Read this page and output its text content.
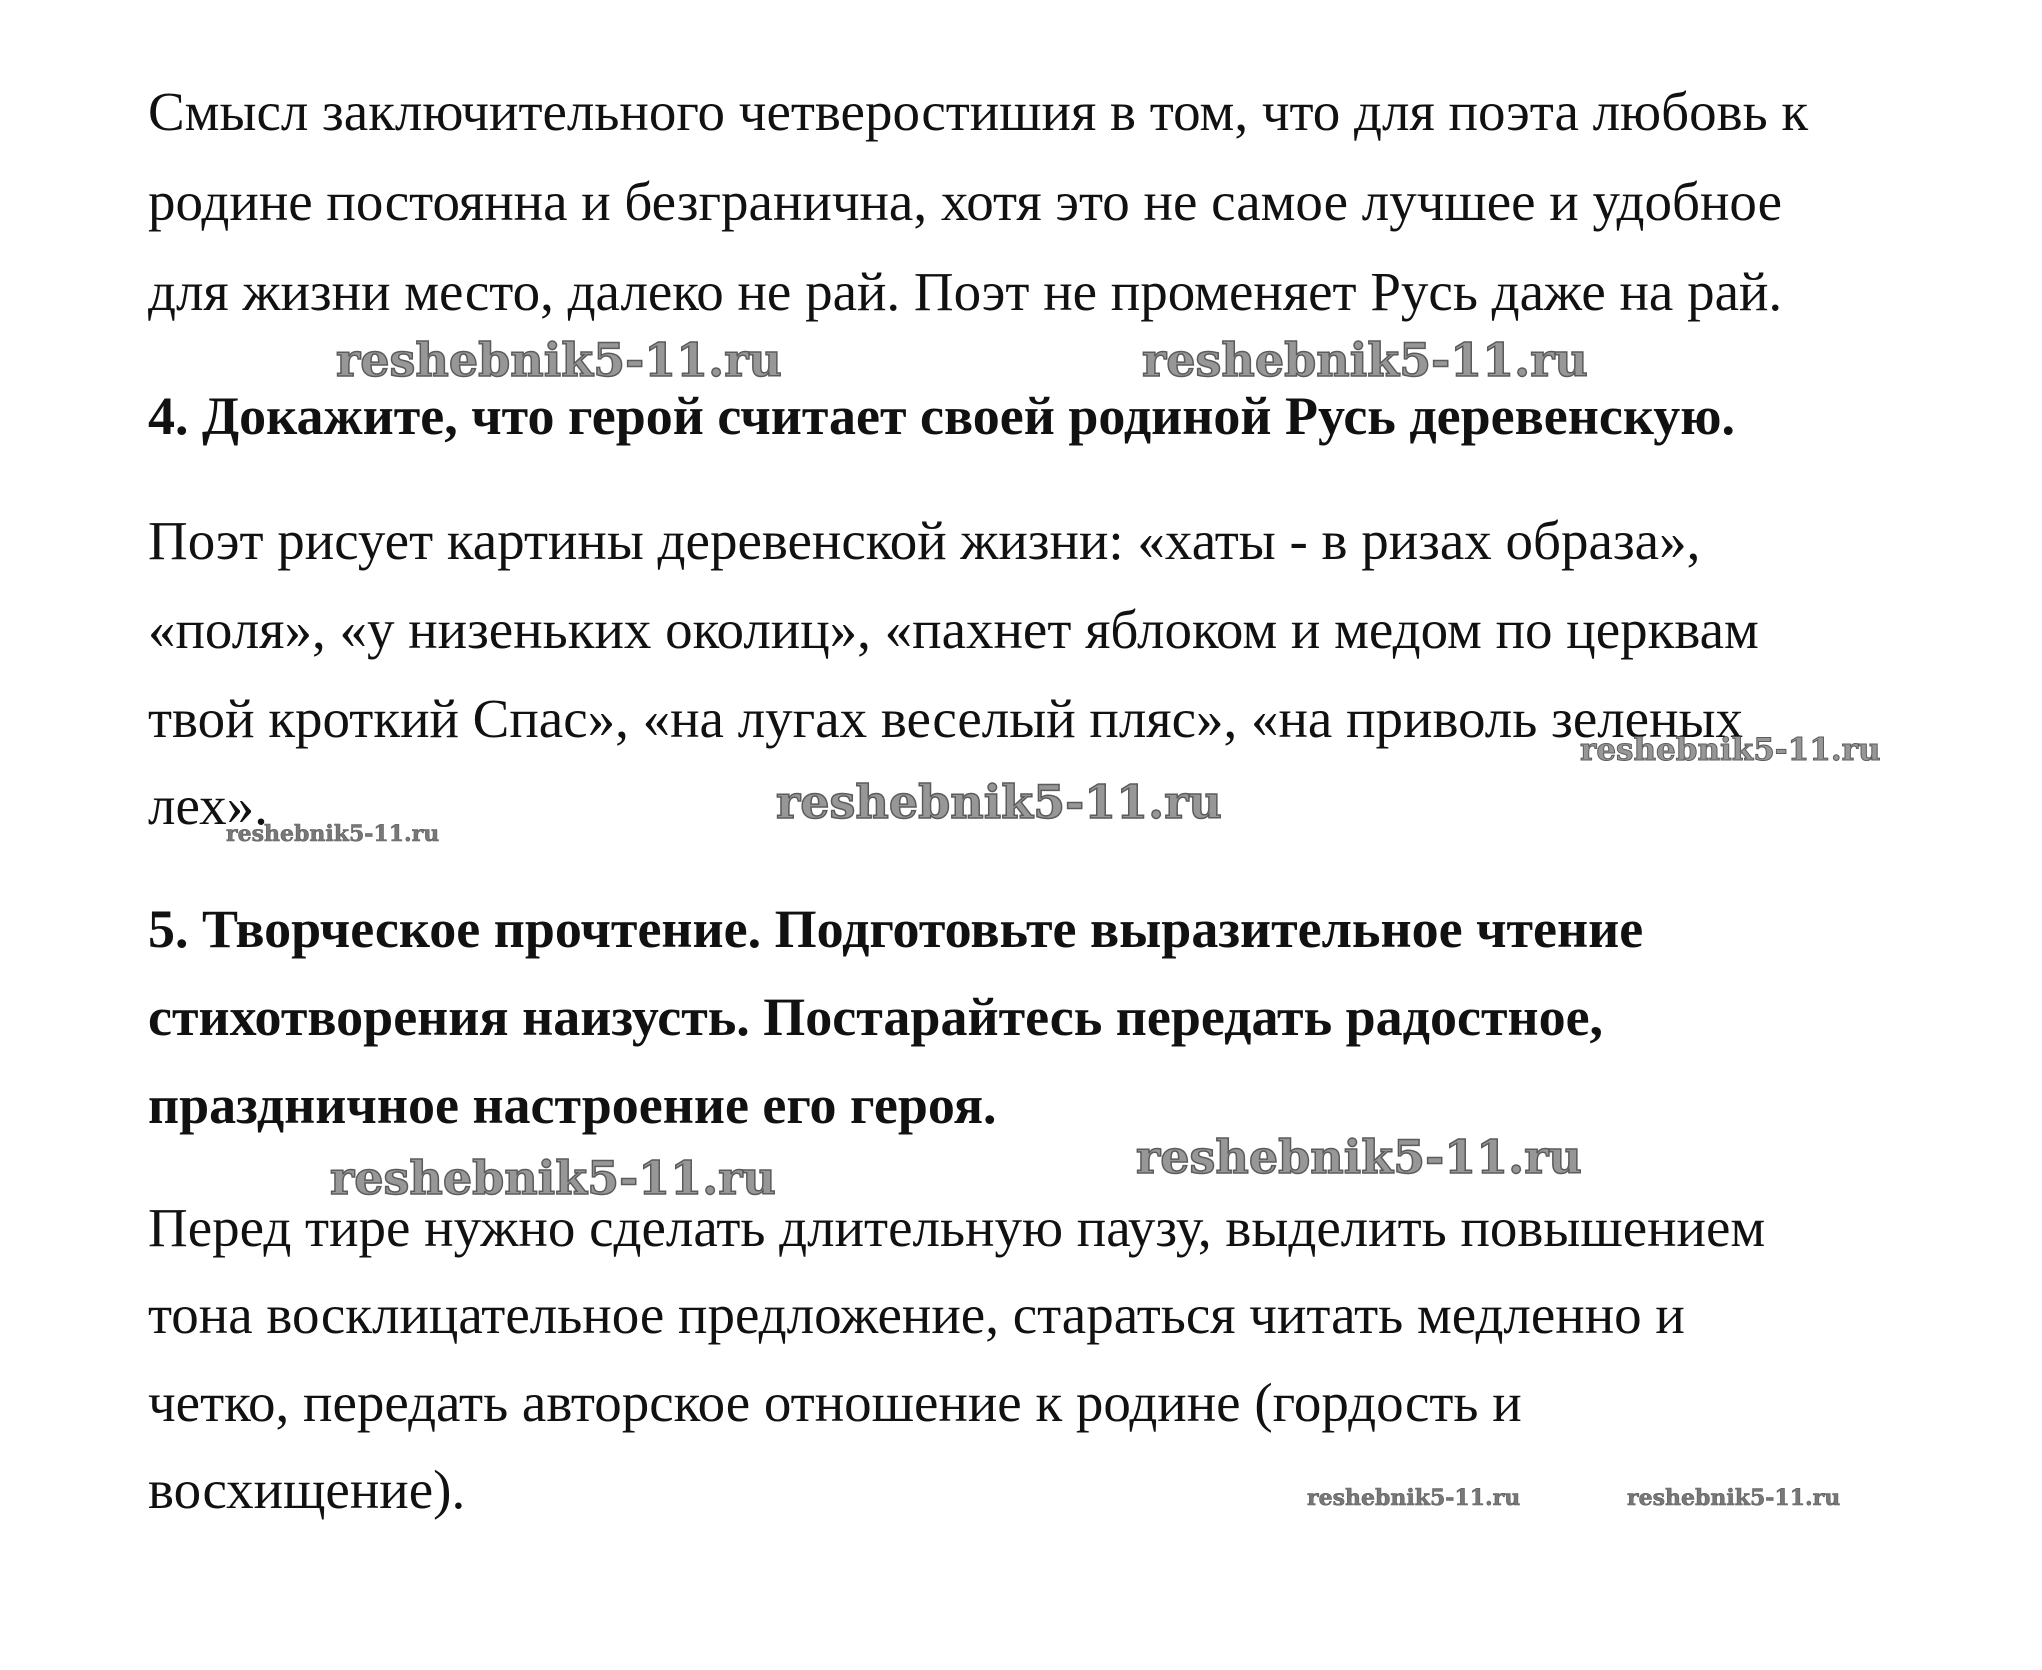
Смысл заключительного четверостишия в том, что для поэта любовь к

родине постоянна и безгранична, хотя это не самое лучшее и удобное

для жизни место, далеко не рай. Поэт не променяет Русь даже на рай.

4. Докажите, что герой считает своей родиной Русь деревенскую.

Поэт рисует картины деревенской жизни: «хаты - в ризах образа»,

«поля», «у низеньких околиц», «пахнет яблоком и медом по церквам

твой кроткий Спас», «на лугах веселый пляс», «на приволь зеленых

лех».

5. Творческое прочтение. Подготовьте выразительное чтение

стихотворения наизусть. Постарайтесь передать радостное,

праздничное настроение его героя.

Перед тире нужно сделать длительную паузу, выделить повышением

тона восклицательное предложение, стараться читать медленно и

четко, передать авторское отношение к родине (гордость и

восхищение).

reshebnik5-11.ru	reshebnik5-11.ru
reshebnik5-11.ru
reshebnik5-11.ru
reshebnik5-11.ru
reshebnik5-11.ru
reshebnik5-11.ru
reshebnik5-11.ru	reshebnik5-11.ru
